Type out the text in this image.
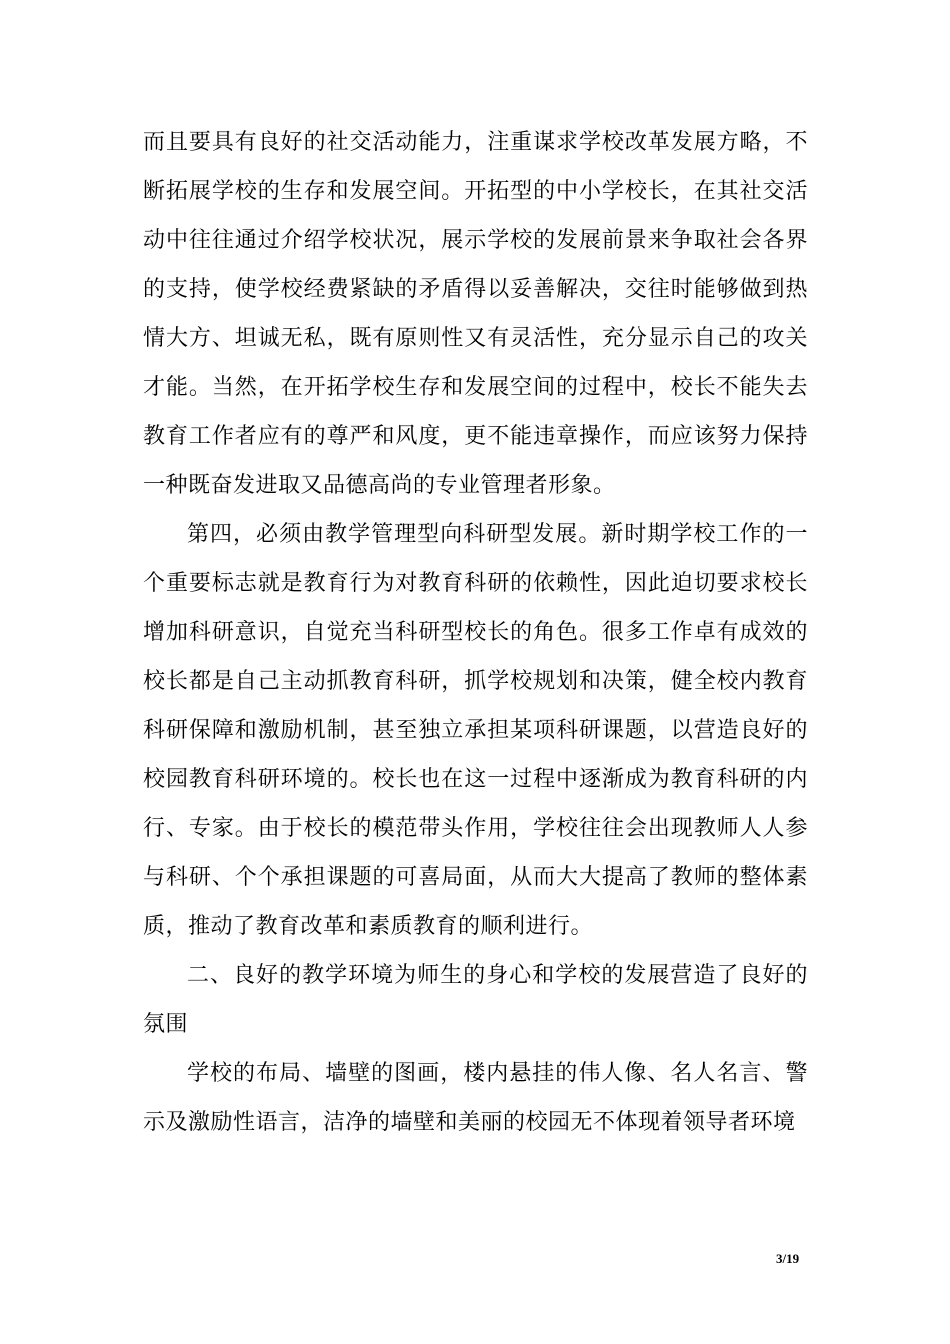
而且要具有良好的社交活动能力，注重谋求学校改革发展方略，不断拓展学校的生存和发展空间。开拓型的中小学校长，在其社交活动中往往通过介绍学校状况，展示学校的发展前景来争取社会各界的支持，使学校经费紧缺的矛盾得以妥善解决，交往时能够做到热情大方、坦诚无私，既有原则性又有灵活性，充分显示自己的攻关才能。当然，在开拓学校生存和发展空间的过程中，校长不能失去教育工作者应有的尊严和风度，更不能违章操作，而应该努力保持一种既奋发进取又品德高尚的专业管理者形象。

第四，必须由教学管理型向科研型发展。新时期学校工作的一个重要标志就是教育行为对教育科研的依赖性，因此迫切要求校长增加科研意识，自觉充当科研型校长的角色。很多工作卓有成效的校长都是自己主动抓教育科研，抓学校规划和决策，健全校内教育科研保障和激励机制，甚至独立承担某项科研课题，以营造良好的校园教育科研环境的。校长也在这一过程中逐渐成为教育科研的内行、专家。由于校长的模范带头作用，学校往往会出现教师人人参与科研、个个承担课题的可喜局面，从而大大提高了教师的整体素质，推动了教育改革和素质教育的顺利进行。

二、良好的教学环境为师生的身心和学校的发展营造了良好的氛围

学校的布局、墙壁的图画，楼内悬挂的伟人像、名人名言、警示及激励性语言，洁净的墙壁和美丽的校园无不体现着领导者环境

3/19
